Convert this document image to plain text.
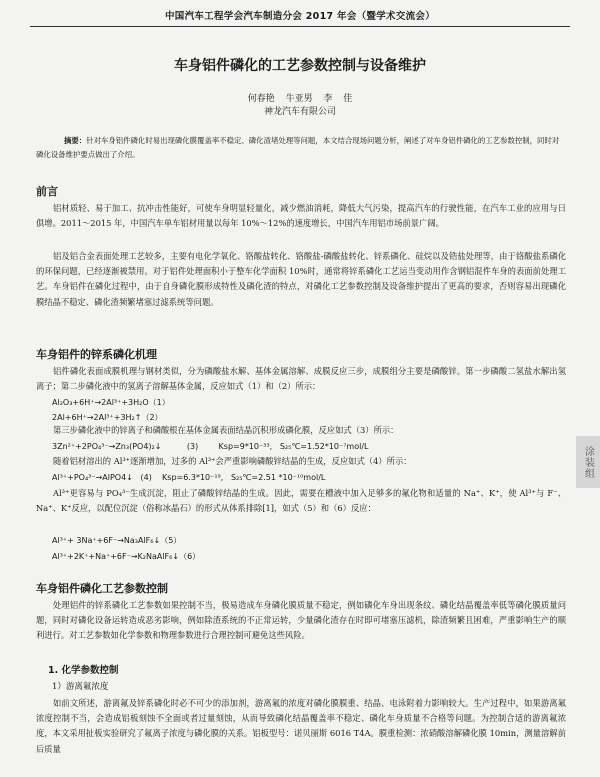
中国汽车工程学会汽车制造分会 2017 年会（暨学术交流会）
车身铝件磷化的工艺参数控制与设备维护
何春艳 牛亚男 李 佳
神龙汽车有限公司
摘要：针对车身铝件磷化时易出现磷化膜覆盖率不稳定、磷化渣堵处理等问题，本文结合现场问题分析，阐述了对车身铝件磷化的工艺参数控制，同时对磷化设备维护要点做出了介绍。
前言
铝材质轻、易于加工、抗冲击性能好，可使车身明显轻量化，减少燃油消耗，降低大气污染，提高汽车的行驶性能，在汽车工业的应用与日俱增。2011～2015 年，中国汽车单车铝材用量以每年 10%～12%的速度增长，中国汽车用铝市场前景广阔。
铝及铝合金表面处理工艺较多，主要有电化学氧化、铬酸盐转化、铬酸盐-磷酸盐转化、锌系磷化、硅烷以及锆盐处理等，由于铬酸盐系磷化的环保问题，已经逐渐被禁用。对于铝件处理面积小于整车化学面积 10%时，通常将锌系磷化工艺运当变动用作含钢铝混件车身的表面前处理工艺。车身铝件在磷化过程中，由于自身磷化膜形成特性及磷化渣的特点，对磷化工艺参数控制及设备维护提出了更高的要求，否则容易出现磷化膜结晶不稳定、磷化渣频繁堵塞过滤系统等问题。
车身铝件的锌系磷化机理
铝件磷化表面成膜机理与钢材类似，分为磷酸盐水解、基体金属溶解、成膜反应三步，成膜组分主要是磷酸锌。第一步磷酸二氢盐水解出氢离子；第二步磷化液中的氢离子溶解基体金属，反应如式（1）和（2）所示：
Al₂O₃+6H⁺→2Al³⁺+3H₂O（1）
2Al+6H⁺→2Al³⁺+3H₂↑（2）
第三步磷化液中的锌离子和磷酸根在基体金属表面结晶沉积形成磷化膜，反应如式（3）所示：
3Zn²⁺+2PO₄³⁻→Zn₃(PO4)₂↓          (3)        Ksp=9*10⁻³³,   S₂₅℃=1.52*10⁻⁷mol/L
随着铝材溶出的 Al³⁺逐渐增加，过多的 Al³⁺会严重影响磷酸锌结晶的生成，反应如式（4）所示：
Al³⁺+PO₄³⁻→AlPO4↓   (4)    Ksp=6.3*10⁻¹⁹,   S₂₅℃=2.51 *10⁻¹⁰mol/L
Al³⁺更容易与 PO₄³⁻生成沉淀，阻止了磷酸锌结晶的生成。因此，需要在槽液中加入足够多的氟化物和适量的 Na⁺、K⁺，使 Al³⁺与 F⁻、Na⁺、K⁺反应，以配位沉淀（俗称冰晶石）的形式从体系排除[1]，如式（5）和（6）反应：
Al³⁺+ 3Na⁺+6F⁻→Na₃AlF₆↓（5）
Al³⁺+2K⁺+Na⁺+6F⁻→K₂NaAlF₆↓（6）
车身铝件磷化工艺参数控制
处理铝件的锌系磷化工艺参数如果控制不当，极易造成车身磷化膜质量不稳定，例如磷化车身出现条纹、磷化结晶覆盖率低等磷化膜质量问题，同时对磷化设备运转造成恶劣影响，例如除渣系统的不正常运转，少量磷化渣存在时即可堵塞压滤机，除渣频繁且困难，严重影响生产的顺利进行。对工艺参数如化学参数和物理参数进行合理控制可避免这些风险。
1. 化学参数控制
1）游离氟浓度
如前文所述，游离氟及锌系磷化时必不可少的添加剂，游离氟的浓度对磷化膜膜重、结晶、电泳附着力影响较大。生产过程中，如果游离氟浓度控制不当，会造成铝板刻蚀不全面或者过量刻蚀，从而导致磷化结晶覆盖率不稳定、磷化车身质量不合格等问题。为控制合适的游离氟浓度，本文采用扯板实验研究了氟离子浓度与磷化膜的关系。铝板型号：诺贝丽斯 6016 T4A。膜重检测：浓硝酸溶解磷化膜 10min，测量溶解前后质量
涂装组
